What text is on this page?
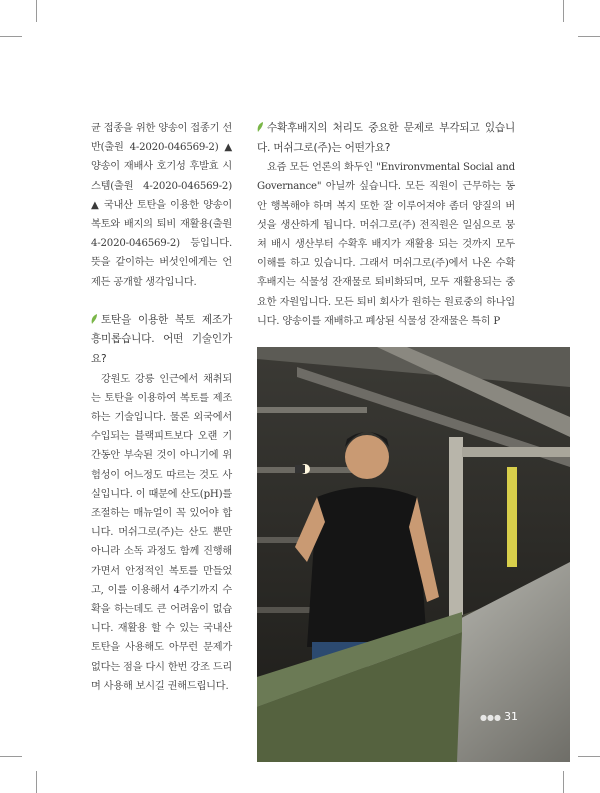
균 접종을 위한 양송이 접종기 선반(출원 4-2020-046569-2) ▲ 양송이 재배사 호기성 후발효 시스템(출원 4-2020-046569-2) ▲ 국내산 토탄을 이용한 양송이 복토와 배지의 퇴비 재활용(출원 4-2020-046569-2) 등입니다. 뜻을 같이하는 버섯인에게는 언제든 공개할 생각입니다.

토탄을 이용한 복토 제조가 흥미롭습니다. 어떤 기술인가요?

강원도 강릉 인근에서 채취되는 토탄을 이용하여 복토를 제조하는 기술입니다. 물론 외국에서 수입되는 블랙피트보다 오랜 기간동안 부숙된 것이 아니기에 위험성이 어느정도 따르는 것도 사실입니다. 이 때문에 산도(pH)를 조절하는 매뉴얼이 꼭 있어야 합니다. 머쉬그로(주)는 산도 뿐만 아니라 소독 과정도 함께 진행해 가면서 안정적인 복토를 만들었고, 이를 이용해서 4주기까지 수확을 하는데도 큰 어려움이 없습니다. 재활용 할 수 있는 국내산 토탄을 사용해도 아무런 문제가 없다는 점을 다시 한번 강조 드리며 사용해 보시길 권해드립니다.

수확후배지의 처리도 중요한 문제로 부각되고 있습니다. 머쉬그로(주)는 어떤가요?

요즘 모든 언론의 화두인 "Environvmental Social and Governance" 아닐까 싶습니다. 모든 직원이 근무하는 동안 행복해야 하며 복지 또한 잘 이루어져야 좀더 양질의 버섯을 생산하게 됩니다. 머쉬그로(주) 전직원은 일심으로 뭉쳐 배시 생산부터 수확후 배지가 재활용 되는 것까지 모두 이해를 하고 있습니다. 그래서 머쉬그로(주)에서 나온 수확후배지는 식물성 잔재물로 퇴비화되며, 모두 재활용되는 중요한 자원입니다. 모든 퇴비 회사가 원하는 원료중의 하나입니다. 양송이를 재배하고 폐상된 식물성 잔재물은 특히 P

●●● 31
